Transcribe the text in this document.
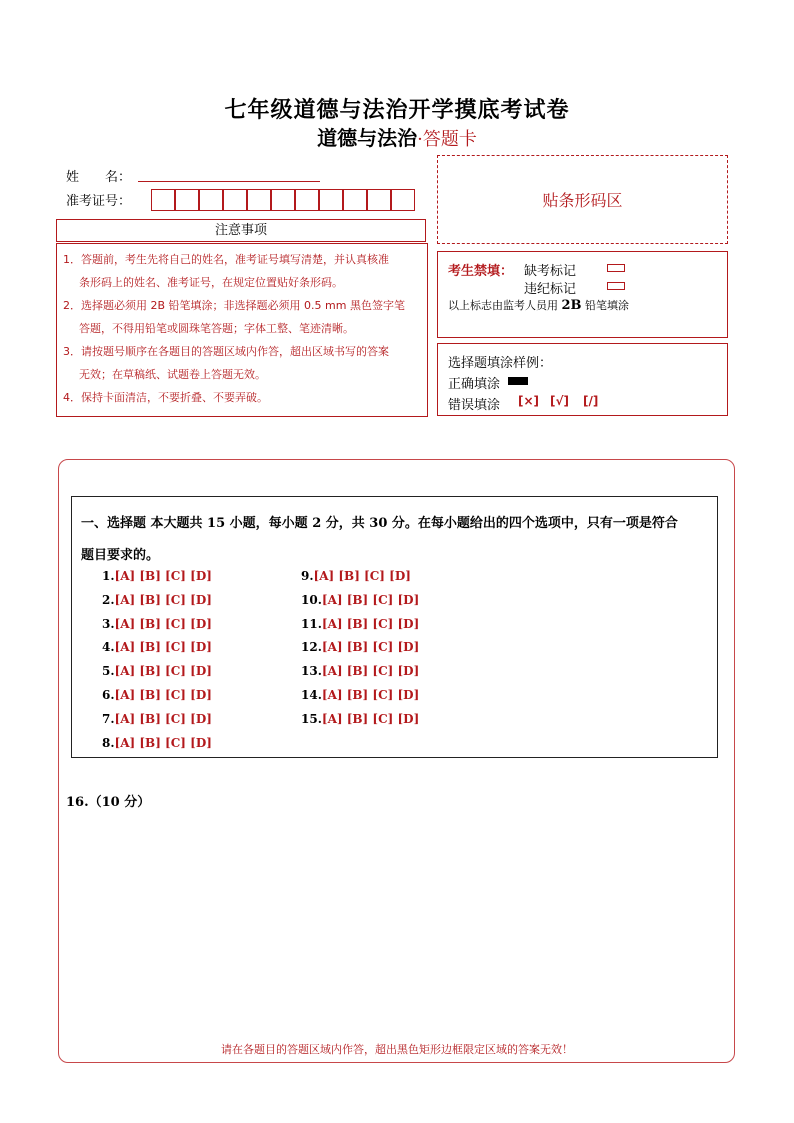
七年级道德与法治开学摸底考试卷
道德与法治·答题卡
姓　　名：
准考证号：	贴条形码区
注意事项

1．答题前，考生先将自己的姓名，准考证号填写清楚，并认真核准

条形码上的姓名、准考证号，在规定位置贴好条形码。

2．选择题必须用 2B 铅笔填涂；非选择题必须用 0.5 mm 黑色签字笔

答题，不得用铅笔或圆珠笔答题；字体工整、笔迹清晰。

3．请按题号顺序在各题目的答题区域内作答，超出区域书写的答案

无效；在草稿纸、试题卷上答题无效。

4．保持卡面清洁，不要折叠、不要弄破。

考生禁填： 缺考标记
违纪标记
以上标志由监考人员用 2B 铅笔填涂
选择题填涂样例：
正确填涂
错误填涂 [×] [√] [/]
一、选择题 本大题共 15 小题，每小题 2 分，共 30 分。在每小题给出的四个选项中，只有一项是符合
题目要求的。
1.[A] [B] [C] [D]
2.[A] [B] [C] [D]
3.[A] [B] [C] [D]
4.[A] [B] [C] [D]
5.[A] [B] [C] [D]
6.[A] [B] [C] [D]
7.[A] [B] [C] [D]
8.[A] [B] [C] [D]
9.[A] [B] [C] [D]
10.[A] [B] [C] [D]
11.[A] [B] [C] [D]
12.[A] [B] [C] [D]
13.[A] [B] [C] [D]
14.[A] [B] [C] [D]
15.[A] [B] [C] [D]
16.（10 分）
请在各题目的答题区域内作答，超出黑色矩形边框限定区域的答案无效！
